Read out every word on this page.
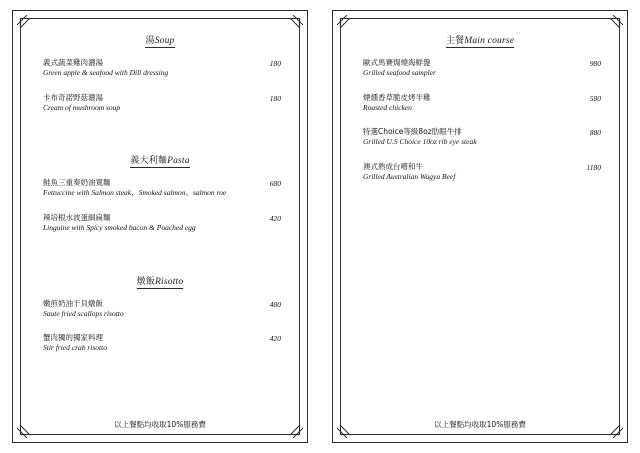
湯Soup
義式蔬菜雞肉濃湯
Green apple & seafood with Dill dressing
180
卡布奇諾野菇濃湯
Cream of mushroom soup
180
義大利麵Pasta
鮭魚三重奏奶油寬麵
Fettuccine with Salmon steak、Smoked salmon、salmon roe
680
辣培根水波蛋細扁麵
Linguine with Spicy smoked bacon & Poached egg
420
燉飯Risotto
嫩煎奶油干貝燉飯
Saute fried scallops risotto
480
蟹肉獨的獨家料理
Stir fried crab risotto
420
以上餐點均收取10%服務費
主餐Main course
歐式馬賽焗燒海鮮盤
Grilled seafood sampler
980
煙燻香草脆皮烤半雞
Roasted chicken
580
特選Choice等級8oz肋眼牛排
Grilled U.S Choice 10oz rib eye steak
880
澳式熟成台嚐和牛
Grilled Australian Wagyu Beef
1180
以上餐點均收取10%服務費
